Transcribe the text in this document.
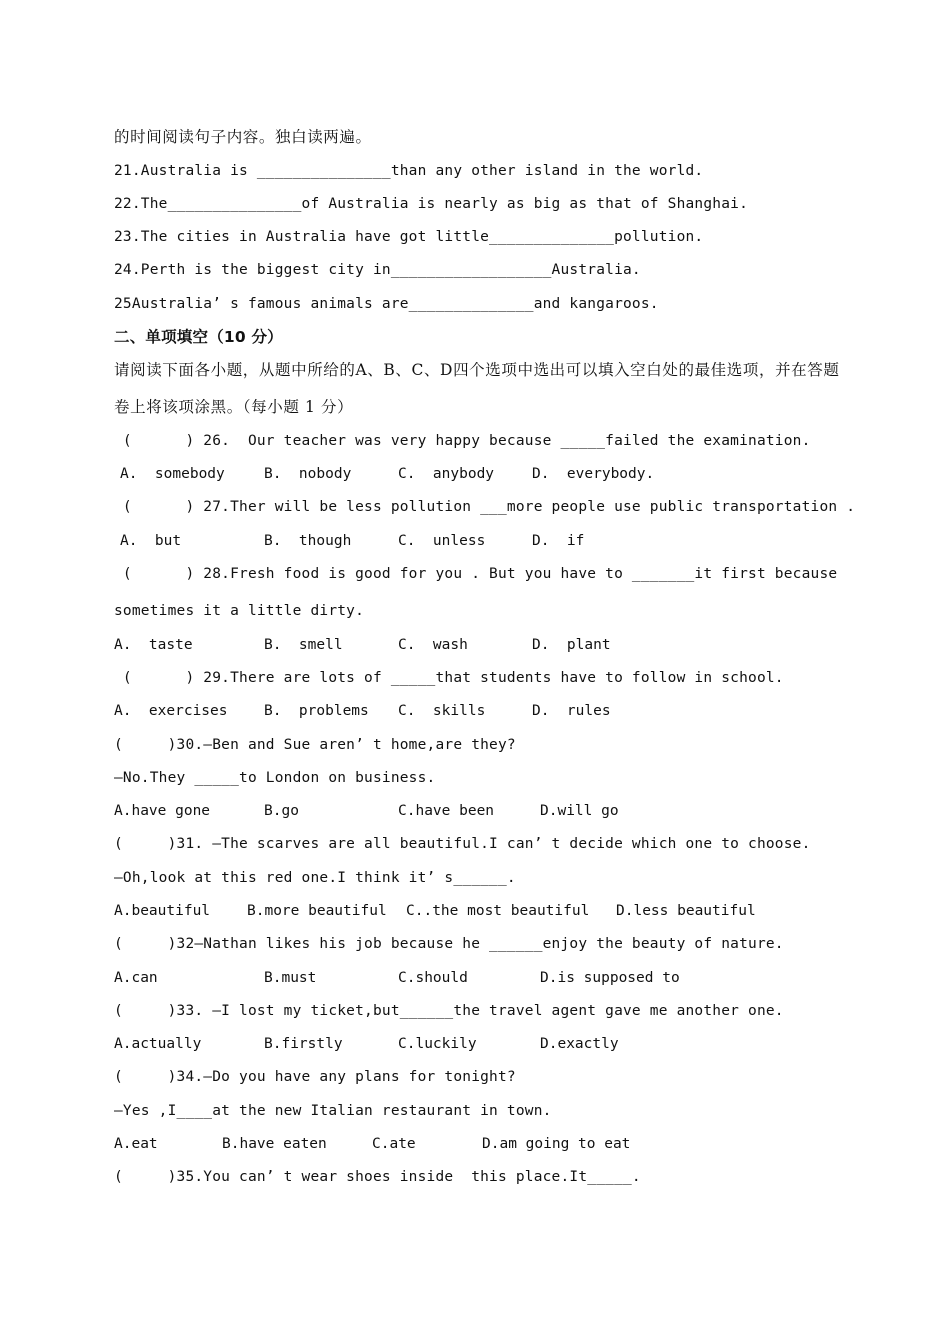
的时间阅读句子内容。独白读两遍。
21.Australia is _______________than any other island in the world.
22.The_______________of Australia is nearly as big as that of Shanghai.
23.The cities in Australia have got little______________pollution.
24.Perth is the biggest city in__________________Australia.
25Australia’ s famous animals are______________and kangaroos.
二、单项填空（10 分）
请阅读下面各小题，从题中所给的A、B、C、D四个选项中选出可以填入空白处的最佳选项，并在答题
卷上将该项涂黑。（每小题 1 分）
(      ) 26.  Our teacher was very happy because _____failed the examination.

A.  somebody

	B.  nobody

	C.  anybody

	D.  everybody.

(      ) 27.Ther will be less pollution ___more people use public transportation .

A.  but

	B.  though

	C.  unless

	D.  if

(      ) 28.Fresh food is good for you . But you have to _______it first because
sometimes it a little dirty.

A.  taste

	B.  smell

	C.  wash

	D.  plant

(      ) 29.There are lots of _____that students have to follow in school.

A.  exercises

	B.  problems

C.  skills

	D.  rules

(     )30.—Ben and Sue aren’ t home,are they?
—No.They _____to London on business.

A.have gone

	B.go

	C.have been

	D.will go

(     )31. —The scarves are all beautiful.I can’ t decide which one to choose.
—Oh,look at this red one.I think it’ s______.

A.beautiful

	B.more beautiful

C..the most beautiful

D.less beautiful

(     )32—Nathan likes his job because he ______enjoy the beauty of nature.

A.can

	B.must

	C.should

	D.is supposed to

(     )33. —I lost my ticket,but______the travel agent gave me another one.

A.actually

	B.firstly

	C.luckily

	D.exactly

(     )34.—Do you have any plans for tonight?
—Yes ,I____at the new Italian restaurant in town.

A.eat

	B.have eaten

	C.ate

	D.am going to eat

(     )35.You can’ t wear shoes inside  this place.It_____.
